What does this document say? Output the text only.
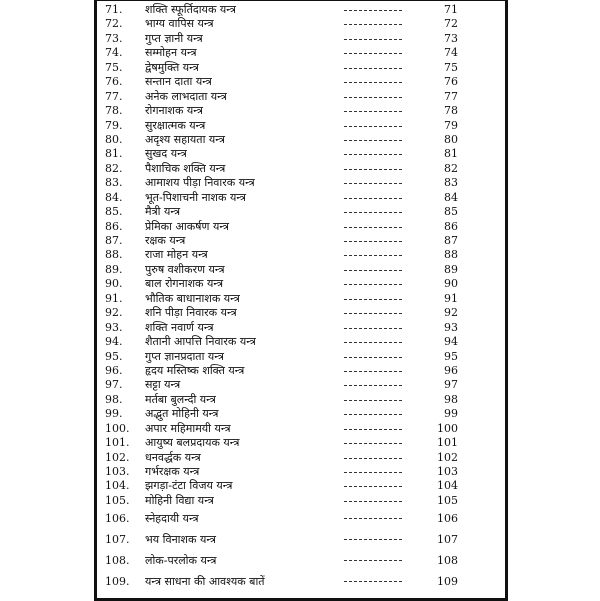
71.	शक्ति स्फूर्तिदायक यन्त्र	71
72.	भाग्य वापिस यन्त्र	72
73.	गुप्त ज्ञानी यन्त्र	73
74.	सम्मोहन यन्त्र	74
75.	द्वेषमुक्ति यन्त्र	75
76.	सन्तान दाता यन्त्र	76
77.	अनेक लाभदाता यन्त्र	77
78.	रोगनाशक यन्त्र	78
79.	सुरक्षात्मक यन्त्र	79
80.	अदृश्य सहायता यन्त्र	80
81.	सुखद यन्त्र	81
82.	पैशाचिक शक्ति यन्त्र	82
83.	आमाशय पीड़ा निवारक यन्त्र	83
84.	भूत-पिशाचनी नाशक यन्त्र	84
85.	मैत्री यन्त्र	85
86.	प्रेमिका आकर्षण यन्त्र	86
87.	रक्षक यन्त्र	87
88.	राजा मोहन यन्त्र	88
89.	पुरुष वशीकरण यन्त्र	89
90.	बाल रोगनाशक यन्त्र	90
91.	भौतिक बाधानाशक यन्त्र	91
92.	शनि पीड़ा निवारक यन्त्र	92
93.	शक्ति नवार्ण यन्त्र	93
94.	शैतानी आपत्ति निवारक यन्त्र	94
95.	गुप्त ज्ञानप्रदाता यन्त्र	95
96.	हृदय मस्तिष्क शक्ति यन्त्र	96
97.	सट्टा यन्त्र	97
98.	मर्तबा बुलन्दी यन्त्र	98
99.	अद्भुत मोहिनी यन्त्र	99
100.	अपार महिमामयी यन्त्र	100
101.	आयुष्य बलप्रदायक यन्त्र	101
102.	धनवर्द्धक यन्त्र	102
103.	गर्भरक्षक यन्त्र	103
104.	झगड़ा-टंटा विजय यन्त्र	104
105.	मोहिनी विद्या यन्त्र	105
106.	स्नेहदायी यन्त्र	106
107.	भय विनाशक यन्त्र	107
108.	लोक-परलोक यन्त्र	108
109.	यन्त्र साधना की आवश्यक बातें	109
